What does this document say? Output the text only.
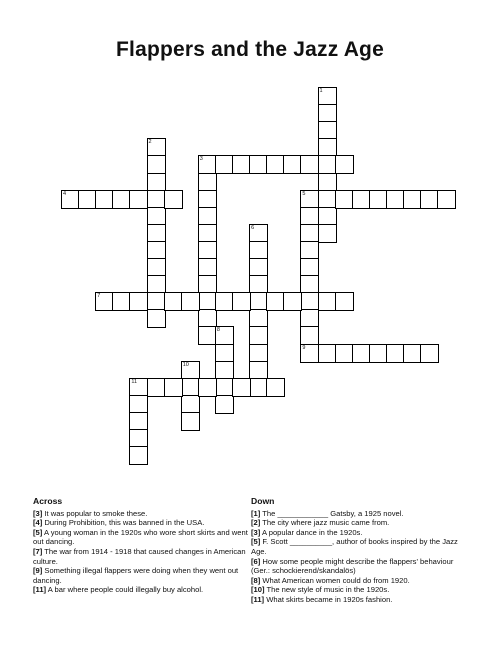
Flappers and the Jazz Age
1
2
3
4	5
9
6
7
8
10
11
Across

[3] It was popular to smoke these.

[4] During Prohibition, this was banned in the USA.

[5] A young woman in the 1920s who wore short skirts and went out dancing.

[7] The war from 1914 - 1918 that caused changes in American culture.

[9] Something illegal flappers were doing when they went out dancing.

[11] A bar where people could illegally buy alcohol.

Down

[1] The ____________ Gatsby, a 1925 novel.

[2] The city where jazz music came from.

[3] A popular dance in the 1920s.

[5] F. Scott __________, author of books inspired by the Jazz Age.

[6] How some people might describe the flappers' behaviour (Ger.: schockierend/skandalös)

[8] What American women could do from 1920.

[10] The new style of music in the 1920s.

[11] What skirts became in 1920s fashion.
